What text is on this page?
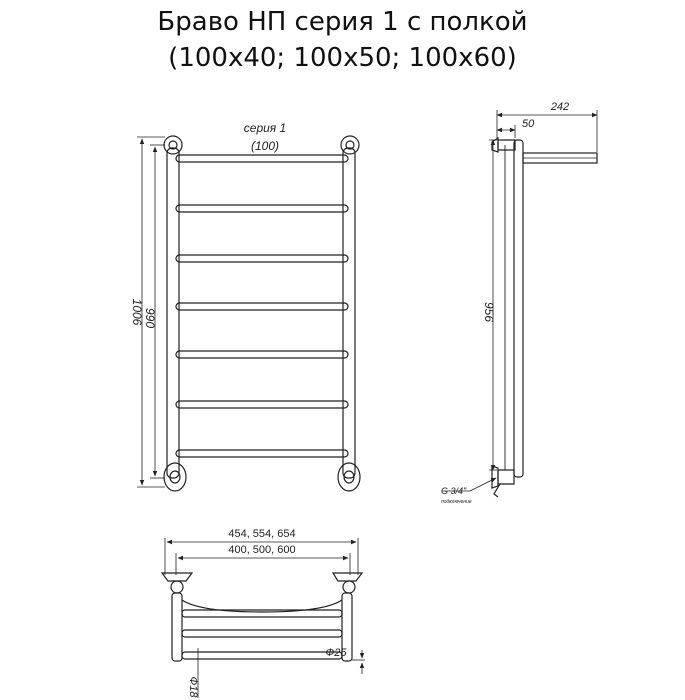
Браво НП серия 1 с полкой
(100x40; 100x50; 100x60)
серия 1
(100)
1006 990
242
50
956
G 3/4"
подключение
454, 554, 654
400, 500, 600
Ф25
Ф18
